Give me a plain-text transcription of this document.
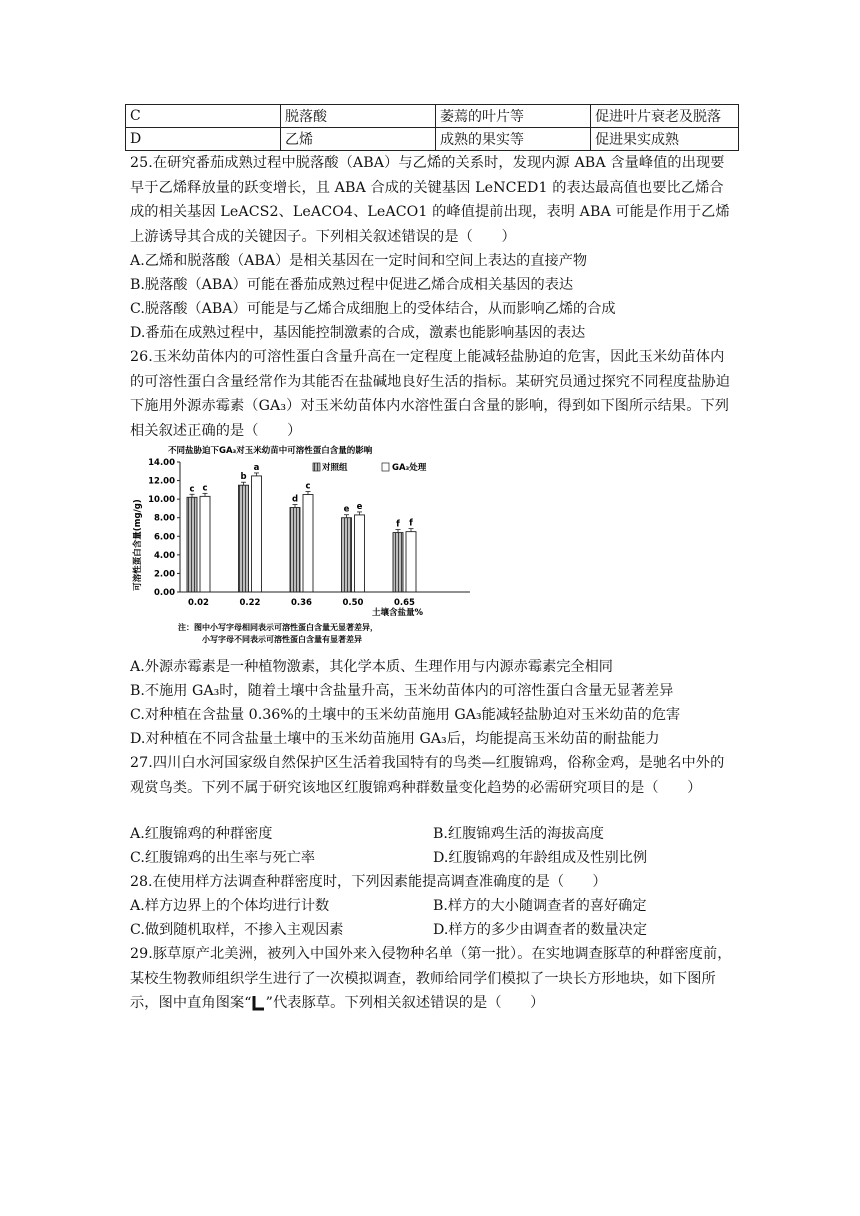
C	脱落酸	萎蔫的叶片等	促进叶片衰老及脱落
D	乙烯	成熟的果实等	促进果实成熟
25.在研究番茄成熟过程中脱落酸（ABA）与乙烯的关系时，发现内源 ABA 含量峰值的出现要早于乙烯释放量的跃变增长，且 ABA 合成的关键基因 LeNCED1 的表达最高值也要比乙烯合成的相关基因 LeACS2、LeACO4、LeACO1 的峰值提前出现，表明 ABA 可能是作用于乙烯上游诱导其合成的关键因子。下列相关叙述错误的是（　　）
A.乙烯和脱落酸（ABA）是相关基因在一定时间和空间上表达的直接产物
B.脱落酸（ABA）可能在番茄成熟过程中促进乙烯合成相关基因的表达
C.脱落酸（ABA）可能是与乙烯合成细胞上的受体结合，从而影响乙烯的合成
D.番茄在成熟过程中，基因能控制激素的合成，激素也能影响基因的表达
26.玉米幼苗体内的可溶性蛋白含量升高在一定程度上能减轻盐胁迫的危害，因此玉米幼苗体内的可溶性蛋白含量经常作为其能否在盐碱地良好生活的指标。某研究员通过探究不同程度盐胁迫下施用外源赤霉素（GA₃）对玉米幼苗体内水溶性蛋白含量的影响，得到如下图所示结果。下列相关叙述正确的是（　　）
不同盐胁迫下GA₃对玉米幼苗中可溶性蛋白含量的影响
对照组	GA₃处理
可溶性蛋白含量(mg/g)
0.00
2.00
4.00
6.00
8.00
10.00
12.00
14.00
c c
b
a
d
c
e e
f f
0.02	0.22	0.36	0.50	0.65
土壤含盐量%
注：图中小写字母相同表示可溶性蛋白含量无显著差异，
小写字母不同表示可溶性蛋白含量有显著差异
A.外源赤霉素是一种植物激素，其化学本质、生理作用与内源赤霉素完全相同
B.不施用 GA₃时，随着土壤中含盐量升高，玉米幼苗体内的可溶性蛋白含量无显著差异
C.对种植在含盐量 0.36%的土壤中的玉米幼苗施用 GA₃能减轻盐胁迫对玉米幼苗的危害
D.对种植在不同含盐量土壤中的玉米幼苗施用 GA₃后，均能提高玉米幼苗的耐盐能力
27.四川白水河国家级自然保护区生活着我国特有的鸟类—红腹锦鸡，俗称金鸡，是驰名中外的观赏鸟类。下列不属于研究该地区红腹锦鸡种群数量变化趋势的必需研究项目的是（　　）
A.红腹锦鸡的种群密度	B.红腹锦鸡生活的海拔高度
C.红腹锦鸡的出生率与死亡率	D.红腹锦鸡的年龄组成及性别比例
28.在使用样方法调查种群密度时，下列因素能提高调查准确度的是（　　）
A.样方边界上的个体均进行计数	B.样方的大小随调查者的喜好确定
C.做到随机取样，不掺入主观因素	D.样方的多少由调查者的数量决定
29.豚草原产北美洲，被列入中国外来入侵物种名单（第一批）。在实地调查豚草的种群密度前，某校生物教师组织学生进行了一次模拟调查，教师给同学们模拟了一块长方形地块，如下图所示，图中直角图案“ ”代表豚草。下列相关叙述错误的是（　　）
